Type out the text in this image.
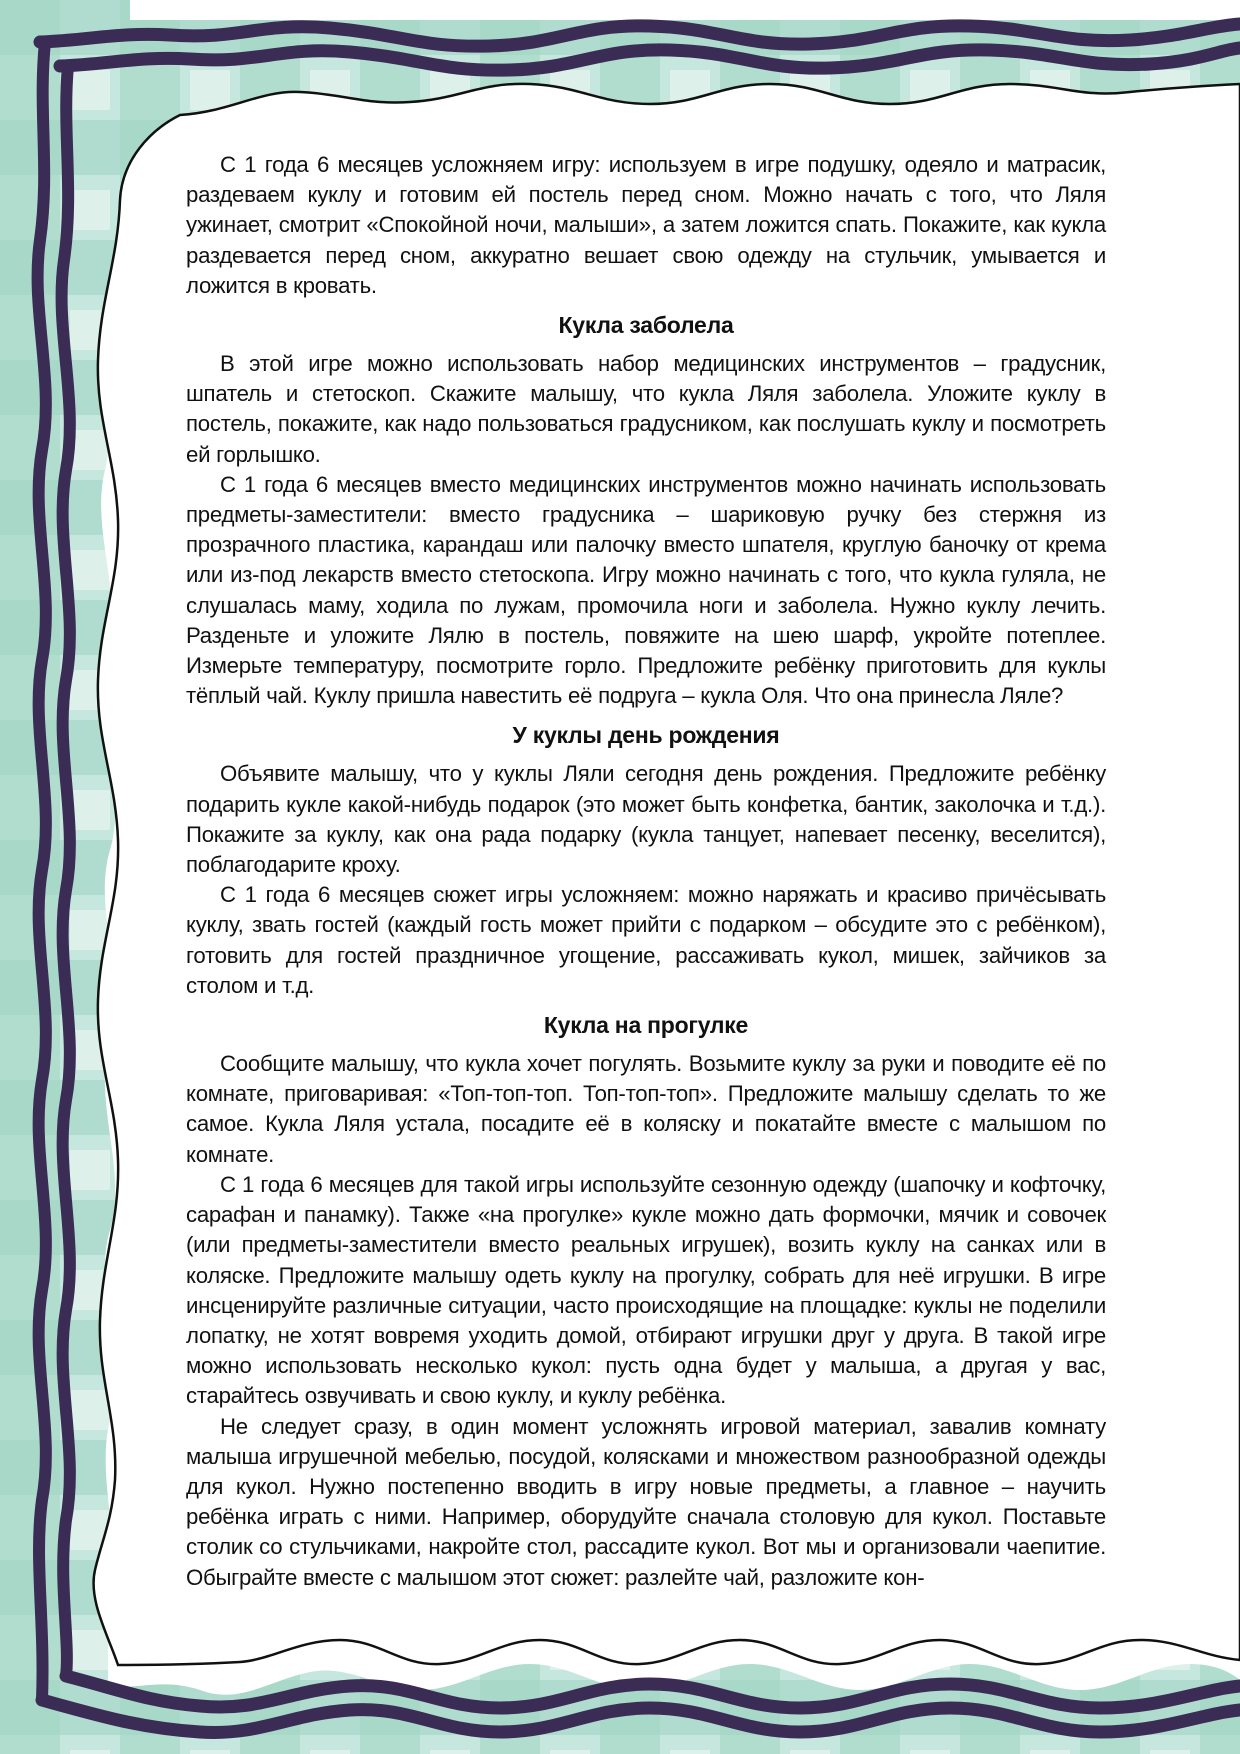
С 1 года 6 месяцев усложняем игру: используем в игре подушку, одеяло и матрасик, раздеваем куклу и готовим ей постель перед сном. Можно начать с того, что Ляля ужинает, смотрит «Спокойной ночи, малыши», а затем ложится спать. Покажите, как кукла раздевается перед сном, аккуратно вешает свою одежду на стульчик, умывается и ложится в кровать.

Кукла заболела

В этой игре можно использовать набор медицинских инструментов – градусник, шпатель и стетоскоп. Скажите малышу, что кукла Ляля заболела. Уложите куклу в постель, покажите, как надо пользоваться градусником, как послушать куклу и посмотреть ей горлышко.

С 1 года 6 месяцев вместо медицинских инструментов можно начинать использовать предметы-заместители: вместо градусника – шариковую ручку без стержня из прозрачного пластика, карандаш или палочку вместо шпателя, круглую баночку от крема или из-под лекарств вместо стетоскопа. Игру можно начинать с того, что кукла гуляла, не слушалась маму, ходила по лужам, промочила ноги и заболела. Нужно куклу лечить. Разденьте и уложите Лялю в постель, повяжите на шею шарф, укройте потеплее. Измерьте температуру, посмотрите горло. Предложите ребёнку приготовить для куклы тёплый чай. Куклу пришла навестить её подруга – кукла Оля. Что она принесла Ляле?

У куклы день рождения

Объявите малышу, что у куклы Ляли сегодня день рождения. Предложите ребёнку подарить кукле какой-нибудь подарок (это может быть конфетка, бантик, заколочка и т.д.). Покажите за куклу, как она рада подарку (кукла танцует, напевает песенку, веселится), поблагодарите кроху.

С 1 года 6 месяцев сюжет игры усложняем: можно наряжать и красиво причёсывать куклу, звать гостей (каждый гость может прийти с подарком – обсудите это с ребёнком), готовить для гостей праздничное угощение, рассаживать кукол, мишек, зайчиков за столом и т.д.

Кукла на прогулке

Сообщите малышу, что кукла хочет погулять. Возьмите куклу за руки и поводите её по комнате, приговаривая: «Топ-топ-топ. Топ-топ-топ». Предложите малышу сделать то же самое. Кукла Ляля устала, посадите её в коляску и покатайте вместе с малышом по комнате.

С 1 года 6 месяцев для такой игры используйте сезонную одежду (шапочку и кофточку, сарафан и панамку). Также «на прогулке» кукле можно дать формочки, мячик и совочек (или предметы-заместители вместо реальных игрушек), возить куклу на санках или в коляске. Предложите малышу одеть куклу на прогулку, собрать для неё игрушки. В игре инсценируйте различные ситуации, часто происходящие на площадке: куклы не поделили лопатку, не хотят вовремя уходить домой, отбирают игрушки друг у друга. В такой игре можно использовать несколько кукол: пусть одна будет у малыша, а другая у вас, старайтесь озвучивать и свою куклу, и куклу ребёнка.

Не следует сразу, в один момент усложнять игровой материал, завалив комнату малыша игрушечной мебелью, посудой, колясками и множеством разнообразной одежды для кукол. Нужно постепенно вводить в игру новые предметы, а главное – научить ребёнка играть с ними. Например, оборудуйте сначала столовую для кукол. Поставьте столик со стульчиками, накройте стол, рассадите кукол. Вот мы и организовали чаепитие. Обыграйте вместе с малышом этот сюжет: разлейте чай, разложите кон-
